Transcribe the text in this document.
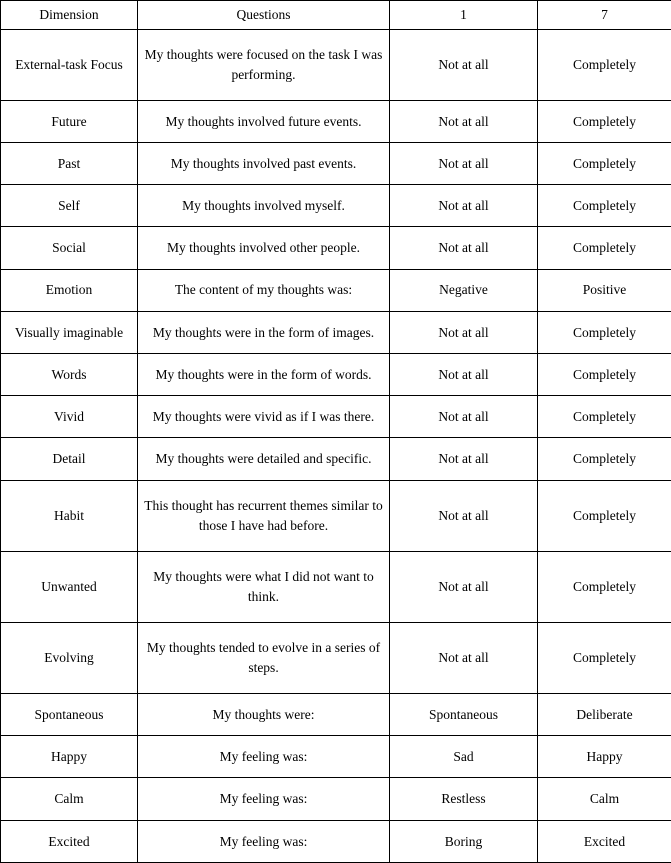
Dimension	Questions	1	7
External-task Focus	My thoughts were focused on the task I was performing.	Not at all	Completely
Future	My thoughts involved future events.	Not at all	Completely
Past	My thoughts involved past events.	Not at all	Completely
Self	My thoughts involved myself.	Not at all	Completely
Social	My thoughts involved other people.	Not at all	Completely
Emotion	The content of my thoughts was:	Negative	Positive
Visually imaginable	My thoughts were in the form of images.	Not at all	Completely
Words	My thoughts were in the form of words.	Not at all	Completely
Vivid	My thoughts were vivid as if I was there.	Not at all	Completely
Detail	My thoughts were detailed and specific.	Not at all	Completely
Habit	This thought has recurrent themes similar to those I have had before.	Not at all	Completely
Unwanted	My thoughts were what I did not want to think.	Not at all	Completely
Evolving	My thoughts tended to evolve in a series of steps.	Not at all	Completely
Spontaneous	My thoughts were:	Spontaneous	Deliberate
Happy	My feeling was:	Sad	Happy
Calm	My feeling was:	Restless	Calm
Excited	My feeling was:	Boring	Excited
